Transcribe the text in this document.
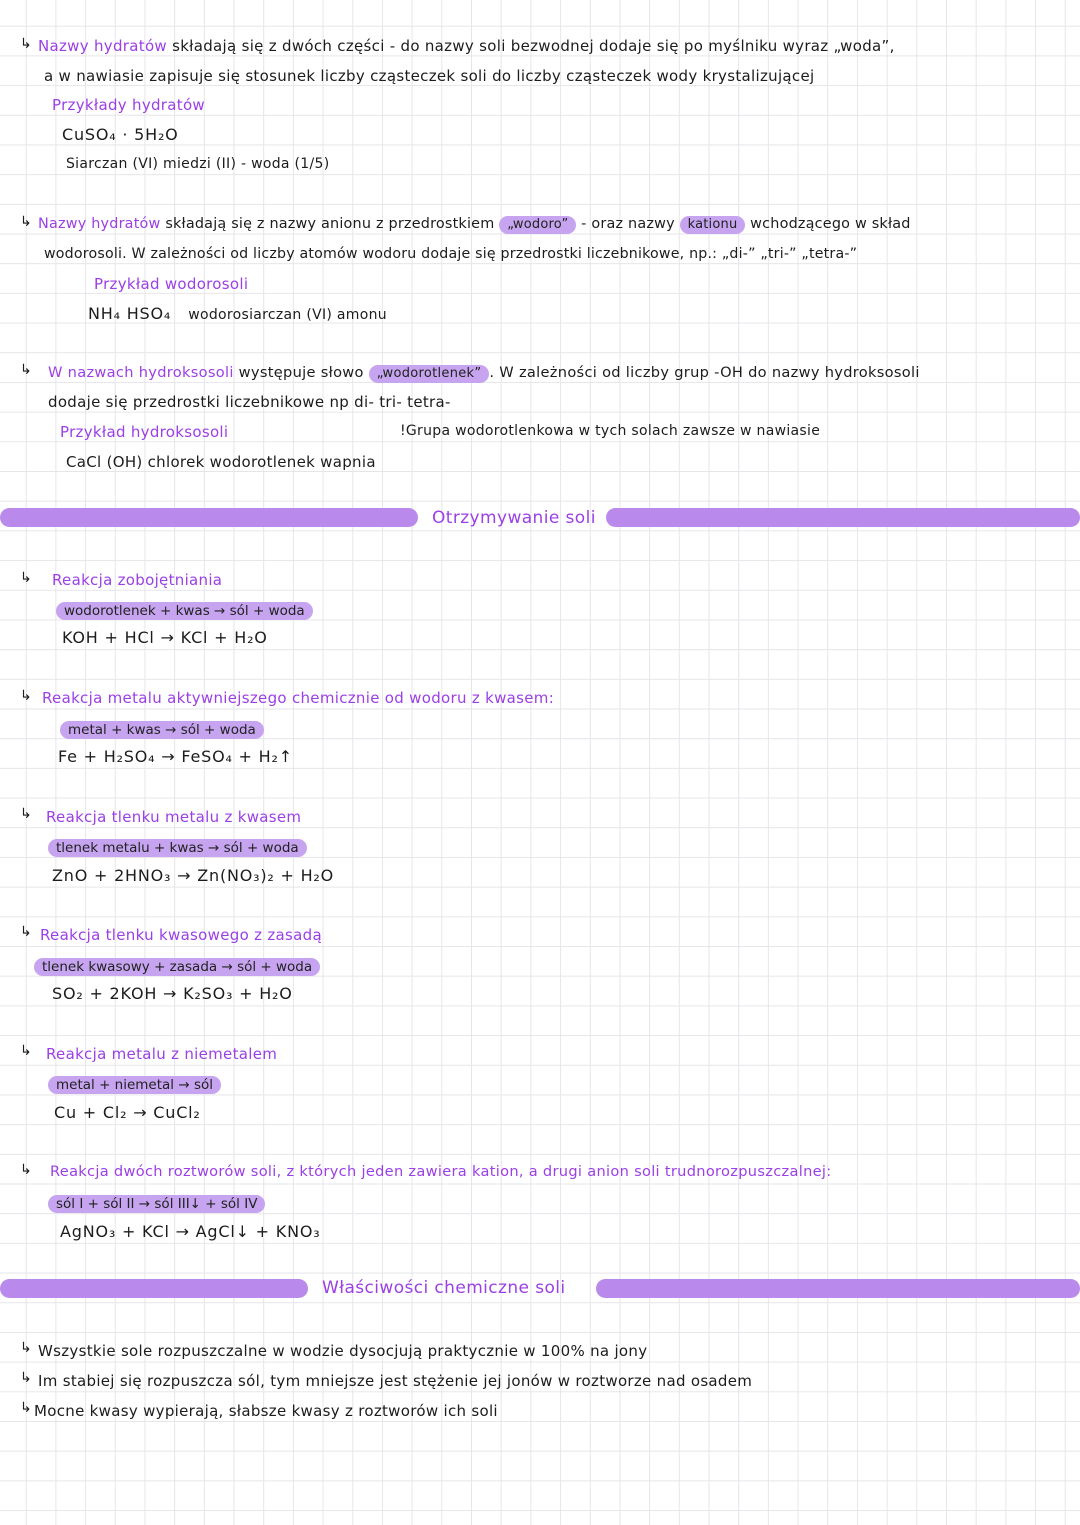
↳ Nazwy hydratów składają się z dwóch części - do nazwy soli bezwodnej dodaje się po myślniku wyraz „woda”,
a w nawiasie zapisuje się stosunek liczby cząsteczek soli do liczby cząsteczek wody krystalizującej
Przykłady hydratów
CuSO₄ · 5H₂O
Siarczan (VI) miedzi (II) - woda (1/5)
↳ Nazwy hydratów składają się z nazwy anionu z przedrostkiem „wodoro” - oraz nazwy kationu wchodzącego w skład
wodorosoli. W zależności od liczby atomów wodoru dodaje się przedrostki liczebnikowe, np.: „di-” „tri-” „tetra-”
Przykład wodorosoli
NH₄ HSO₄ wodorosiarczan (VI) amonu
↳ W nazwach hydroksosoli występuje słowo „wodorotlenek” . W zależności od liczby grup -OH do nazwy hydroksosoli
dodaje się przedrostki liczebnikowe np di- tri- tetra-
Przykład hydroksosoli	!Grupa wodorotlenkowa w tych solach zawsze w nawiasie
CaCl (OH) chlorek wodorotlenek wapnia
Otrzymywanie soli
↳ Reakcja zobojętniania
wodorotlenek + kwas → sól + woda
KOH + HCl → KCl + H₂O
↳ Reakcja metalu aktywniejszego chemicznie od wodoru z kwasem:
metal + kwas → sól + woda
Fe + H₂SO₄ → FeSO₄ + H₂↑
↳ Reakcja tlenku metalu z kwasem
tlenek metalu + kwas → sól + woda
ZnO + 2HNO₃ → Zn(NO₃)₂ + H₂O
↳ Reakcja tlenku kwasowego z zasadą
tlenek kwasowy + zasada → sól + woda
SO₂ + 2KOH → K₂SO₃ + H₂O
↳ Reakcja metalu z niemetalem
metal + niemetal → sól
Cu + Cl₂ → CuCl₂
↳ Reakcja dwóch roztworów soli, z których jeden zawiera kation, a drugi anion soli trudnorozpuszczalnej:
sól I + sól II → sól III↓ + sól IV
AgNO₃ + KCl → AgCl↓ + KNO₃
Właściwości chemiczne soli
↳ Wszystkie sole rozpuszczalne w wodzie dysocjują praktycznie w 100% na jony
↳ Im stabiej się rozpuszcza sól, tym mniejsze jest stężenie jej jonów w roztworze nad osadem
↳ Mocne kwasy wypierają, słabsze kwasy z roztworów ich soli
